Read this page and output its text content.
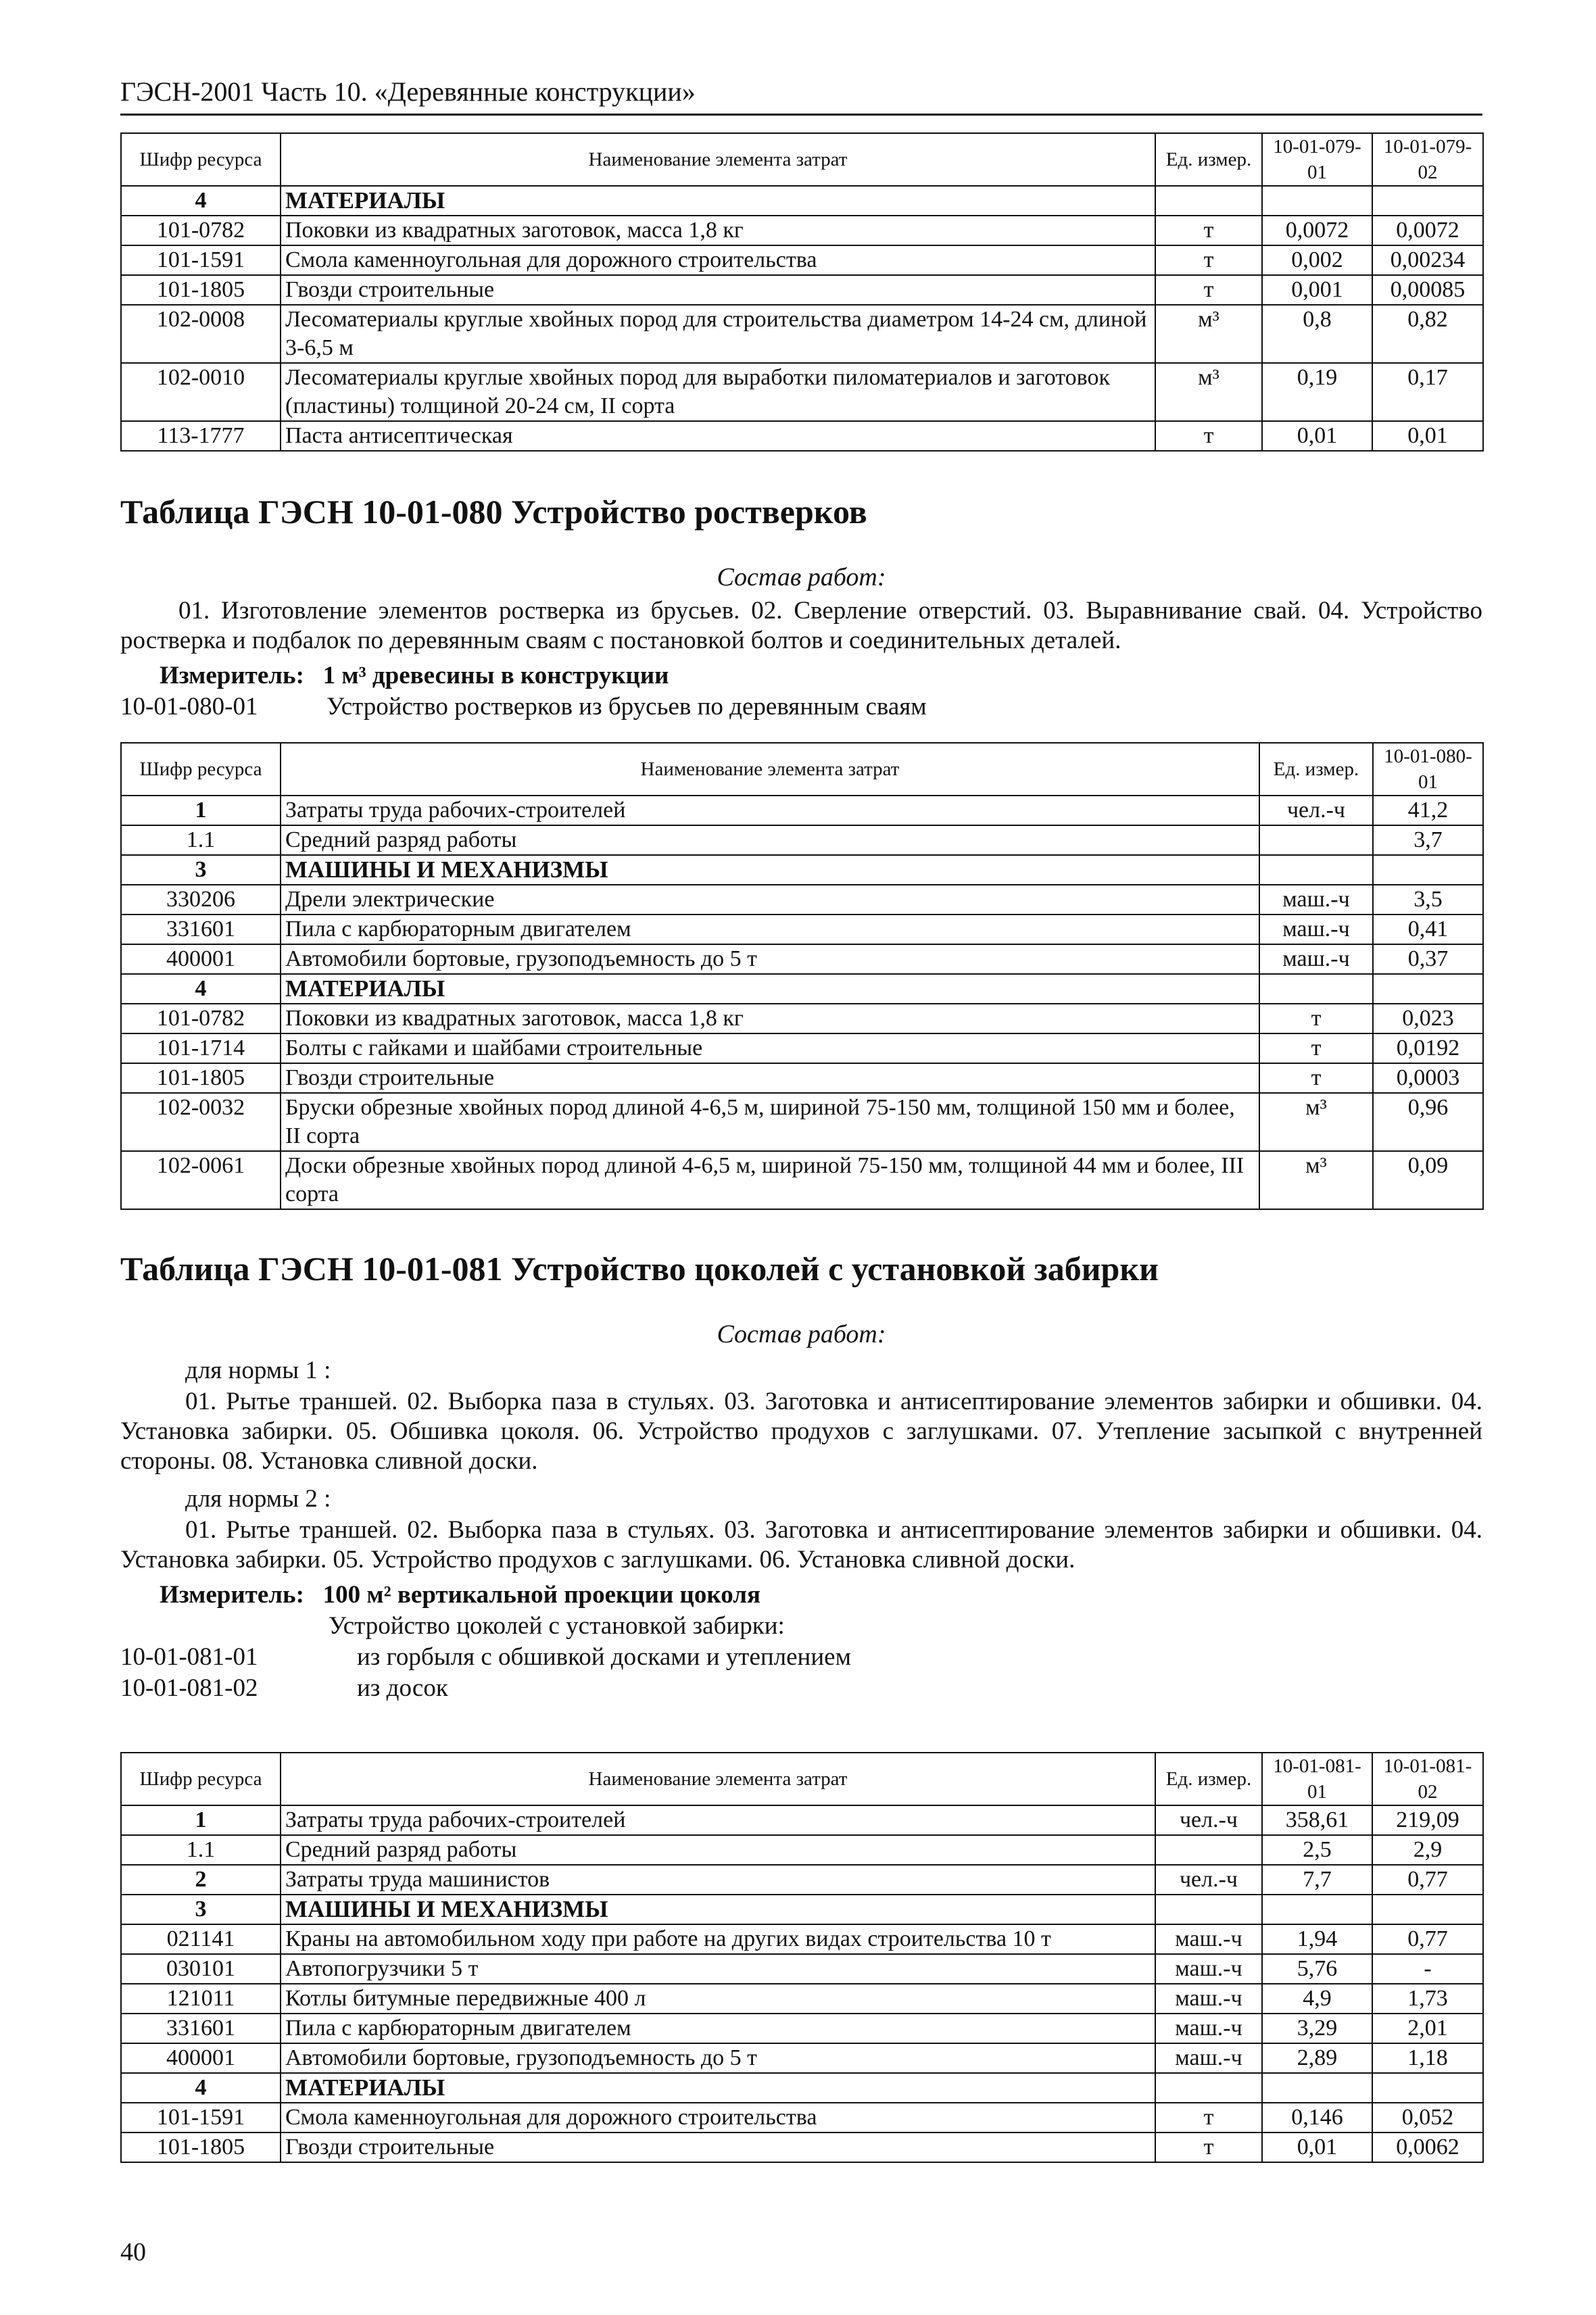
ГЭСН-2001 Часть 10. «Деревянные конструкции»
Шифр ресурса	Наименование элемента затрат	Ед. измер.	10-01-079-01	10-01-079-02
4	МАТЕРИАЛЫ			
101-0782	Поковки из квадратных заготовок, масса 1,8 кг	т	0,0072	0,0072
101-1591	Смола каменноугольная для дорожного строительства	т	0,002	0,00234
101-1805	Гвозди строительные	т	0,001	0,00085
102-0008	Лесоматериалы круглые хвойных пород для строительства диаметром 14-24 см, длиной 3-6,5 м	м³	0,8	0,82
102-0010	Лесоматериалы круглые хвойных пород для выработки пиломатериалов и заготовок (пластины) толщиной 20-24 см, II сорта	м³	0,19	0,17
113-1777	Паста антисептическая	т	0,01	0,01
Таблица ГЭСН 10-01-080 Устройство ростверков
Состав работ:
01. Изготовление элементов ростверка из брусьев. 02. Сверление отверстий. 03. Выравнивание свай. 04. Устройство ростверка и подбалок по деревянным сваям с постановкой болтов и соединительных деталей.
Измеритель: 1 м³ древесины в конструкции
10-01-080-01	Устройство ростверков из брусьев по деревянным сваям
Шифр ресурса	Наименование элемента затрат	Ед. измер.	10-01-080-01
1	Затраты труда рабочих-строителей	чел.-ч	41,2
1.1	Средний разряд работы		3,7
3	МАШИНЫ И МЕХАНИЗМЫ		
330206	Дрели электрические	маш.-ч	3,5
331601	Пила с карбюраторным двигателем	маш.-ч	0,41
400001	Автомобили бортовые, грузоподъемность до 5 т	маш.-ч	0,37
4	МАТЕРИАЛЫ		
101-0782	Поковки из квадратных заготовок, масса 1,8 кг	т	0,023
101-1714	Болты с гайками и шайбами строительные	т	0,0192
101-1805	Гвозди строительные	т	0,0003
102-0032	Бруски обрезные хвойных пород длиной 4-6,5 м, шириной 75-150 мм, толщиной 150 мм и более, II сорта	м³	0,96
102-0061	Доски обрезные хвойных пород длиной 4-6,5 м, шириной 75-150 мм, толщиной 44 мм и более, III сорта	м³	0,09
Таблица ГЭСН 10-01-081 Устройство цоколей с установкой забирки
Состав работ:
для нормы 1 :
01. Рытье траншей. 02. Выборка паза в стульях. 03. Заготовка и антисептирование элементов забирки и обшивки. 04. Установка забирки. 05. Обшивка цоколя. 06. Устройство продухов с заглушками. 07. Утепление засыпкой с внутренней стороны. 08. Установка сливной доски.
для нормы 2 :
01. Рытье траншей. 02. Выборка паза в стульях. 03. Заготовка и антисептирование элементов забирки и обшивки. 04. Установка забирки. 05. Устройство продухов с заглушками. 06. Установка сливной доски.
Измеритель: 100 м² вертикальной проекции цоколя
Устройство цоколей с установкой забирки:
10-01-081-01	из горбыля с обшивкой досками и утеплением
10-01-081-02	из досок
Шифр ресурса	Наименование элемента затрат	Ед. измер.	10-01-081-01	10-01-081-02
1	Затраты труда рабочих-строителей	чел.-ч	358,61	219,09
1.1	Средний разряд работы		2,5	2,9
2	Затраты труда машинистов	чел.-ч	7,7	0,77
3	МАШИНЫ И МЕХАНИЗМЫ			
021141	Краны на автомобильном ходу при работе на других видах строительства 10 т	маш.-ч	1,94	0,77
030101	Автопогрузчики 5 т	маш.-ч	5,76	-
121011	Котлы битумные передвижные 400 л	маш.-ч	4,9	1,73
331601	Пила с карбюраторным двигателем	маш.-ч	3,29	2,01
400001	Автомобили бортовые, грузоподъемность до 5 т	маш.-ч	2,89	1,18
4	МАТЕРИАЛЫ			
101-1591	Смола каменноугольная для дорожного строительства	т	0,146	0,052
101-1805	Гвозди строительные	т	0,01	0,0062
40
